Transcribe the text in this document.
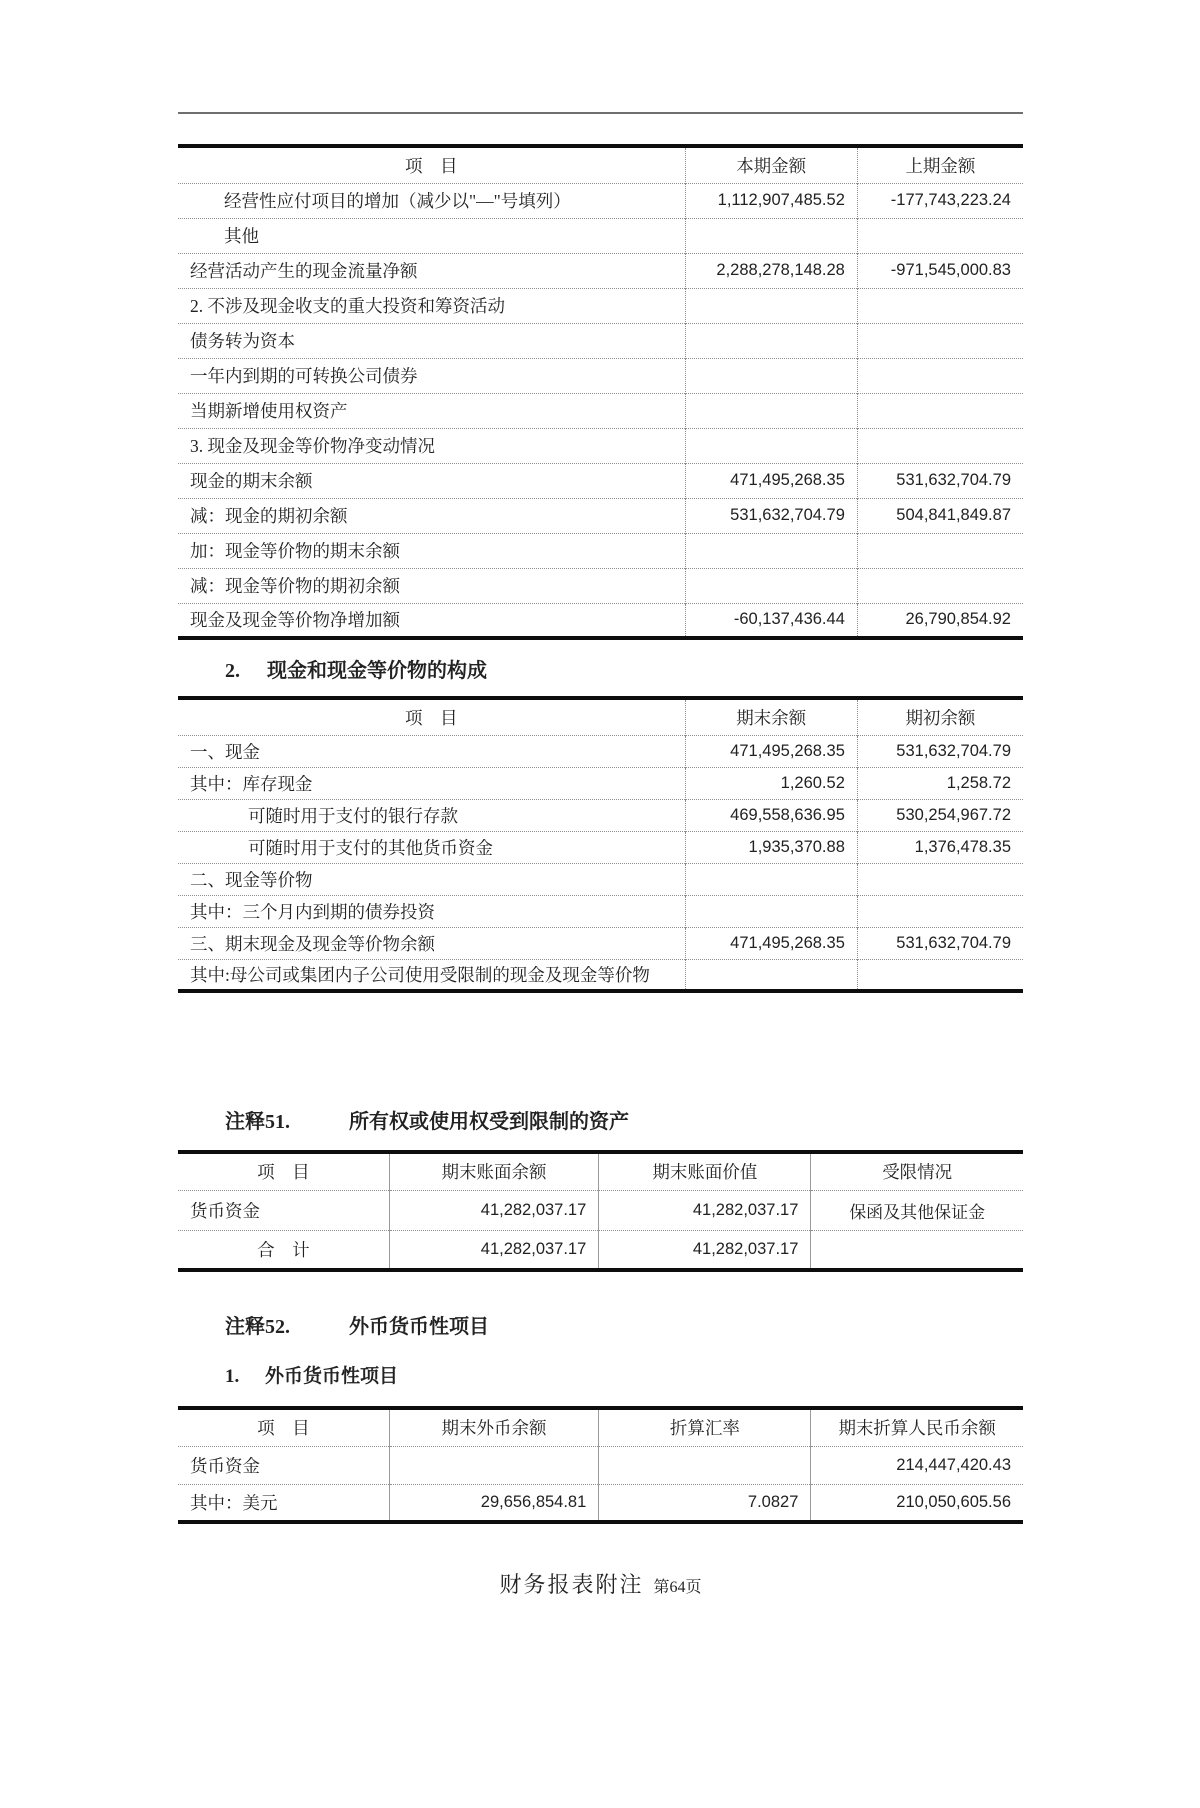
项　目	本期金额	上期金额
经营性应付项目的增加（减少以"—"号填列）	1,112,907,485.52	-177,743,223.24
其他		
经营活动产生的现金流量净额	2,288,278,148.28	-971,545,000.83
2. 不涉及现金收支的重大投资和筹资活动		
债务转为资本		
一年内到期的可转换公司债券		
当期新增使用权资产		
3. 现金及现金等价物净变动情况		
现金的期末余额	471,495,268.35	531,632,704.79
减：现金的期初余额	531,632,704.79	504,841,849.87
加：现金等价物的期末余额		
减：现金等价物的期初余额		
现金及现金等价物净增加额	-60,137,436.44	26,790,854.92
2. 现金和现金等价物的构成
项　目	期末余额	期初余额
一、现金	471,495,268.35	531,632,704.79
其中：库存现金	1,260.52	1,258.72
可随时用于支付的银行存款	469,558,636.95	530,254,967.72
可随时用于支付的其他货币资金	1,935,370.88	1,376,478.35
二、现金等价物		
其中：三个月内到期的债券投资		
三、期末现金及现金等价物余额	471,495,268.35	531,632,704.79
其中:母公司或集团内子公司使用受限制的现金及现金等价物		
注释51.	所有权或使用权受到限制的资产
项　目	期末账面余额	期末账面价值	受限情况
货币资金	41,282,037.17	41,282,037.17	保函及其他保证金
合　计	41,282,037.17	41,282,037.17	
注释52.	外币货币性项目
1. 外币货币性项目
项　目	期末外币余额	折算汇率	期末折算人民币余额
货币资金			214,447,420.43
其中：美元	29,656,854.81	7.0827	210,050,605.56
财务报表附注 第64页
